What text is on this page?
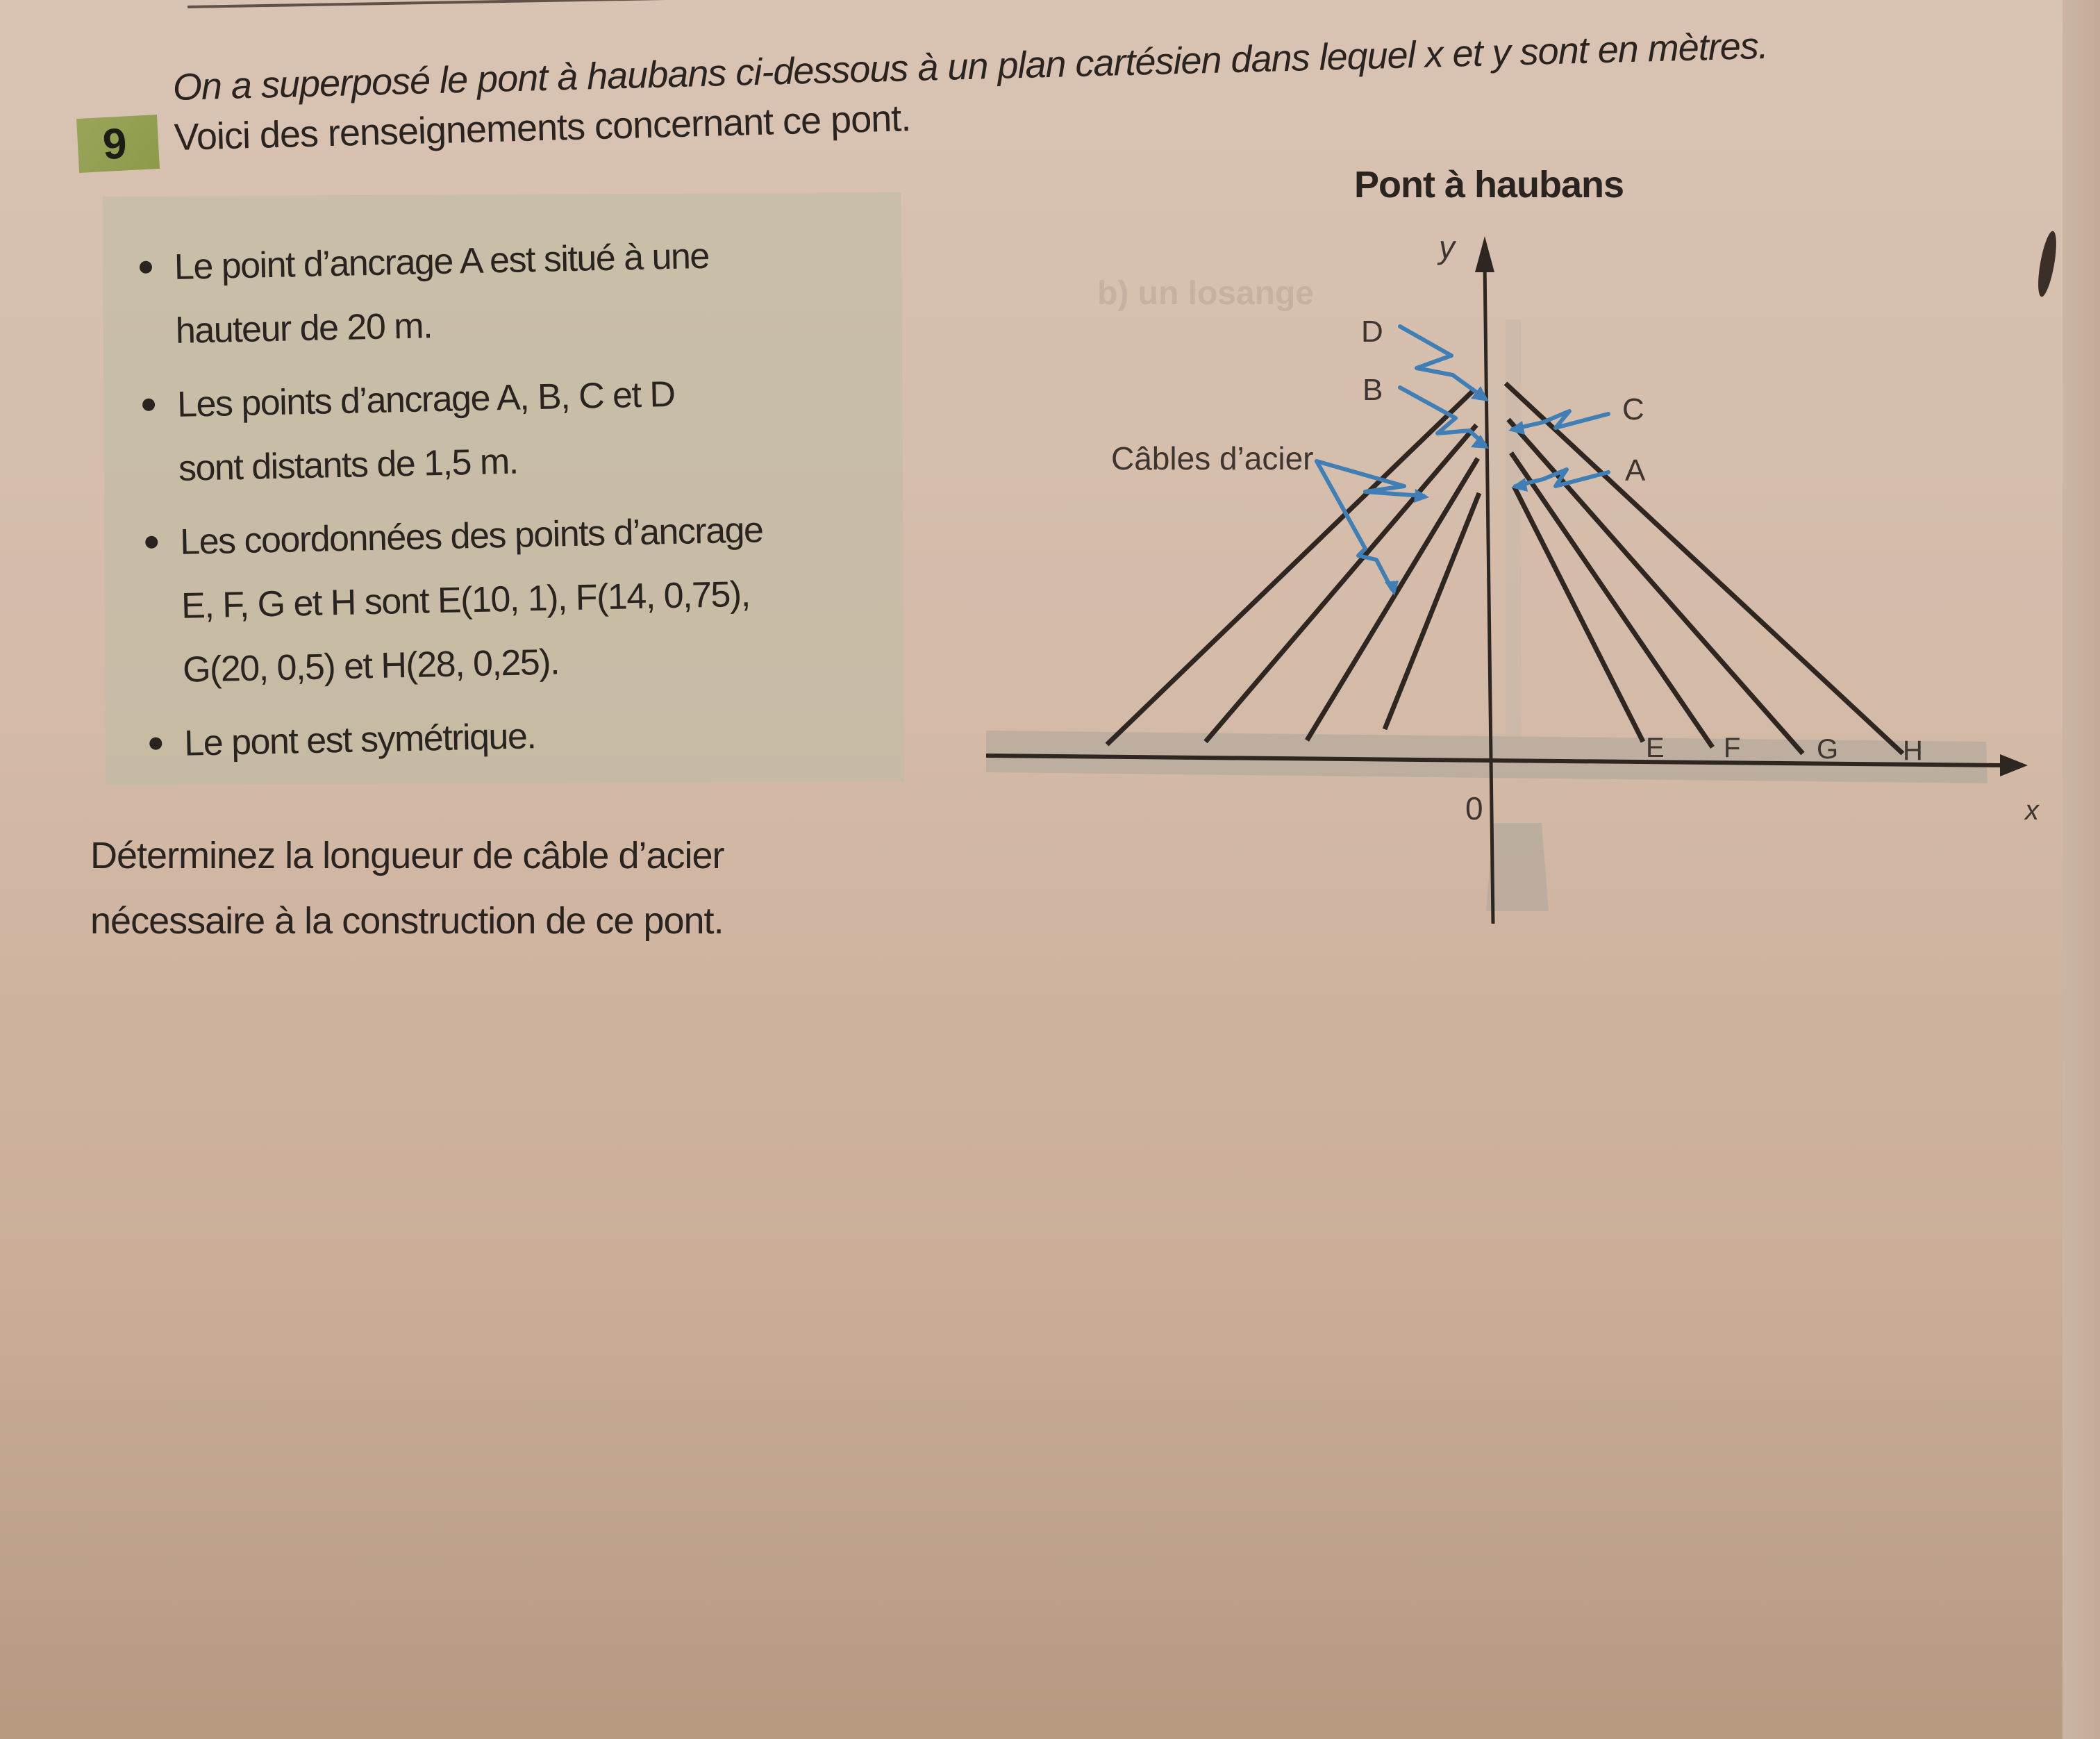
b) un losange
9
On a superposé le pont à haubans ci-dessous à un plan cartésien dans lequel x et y sont en mètres.
Voici des renseignements concernant ce pont.
Le point d’ancrage A est situé à une
hauteur de 20 m.
Les points d’ancrage A, B, C et D
sont distants de 1,5 m.
Les coordonnées des points d’ancrage
E, F, G et H sont E(10, 1), F(14, 0,75),
G(20, 0,5) et H(28, 0,25).
Le pont est symétrique.
Déterminez la longueur de câble d’acier
nécessaire à la construction de ce pont.
Pont à haubans
y
D
B
C
A
Câbles d’acier
E F	G H
0	x
